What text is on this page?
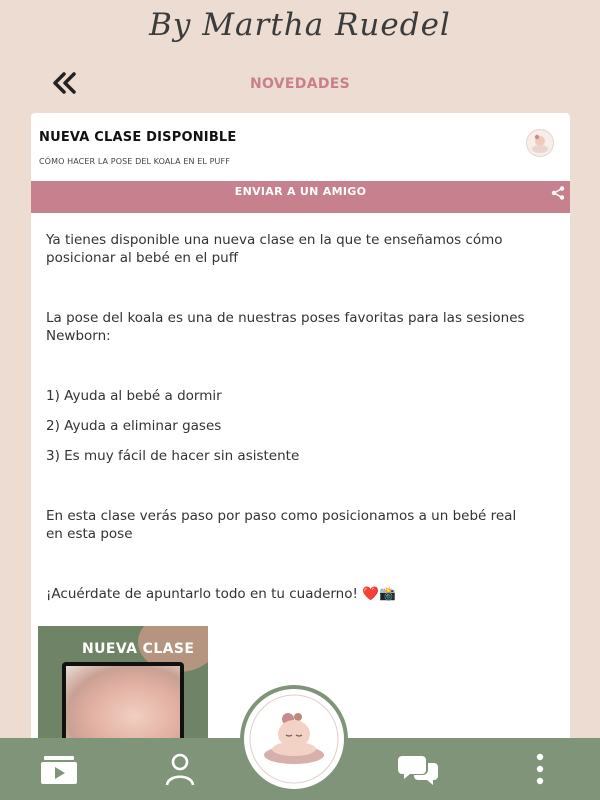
By Martha Ruedel
NOVEDADES
NUEVA CLASE DISPONIBLE
CÓMO HACER LA POSE DEL KOALA EN EL PUFF
ENVIAR A UN AMIGO

Ya tienes disponible una nueva clase en la que te enseñamos cómo posicionar al bebé en el puff

La pose del koala es una de nuestras poses favoritas para las sesiones Newborn:

1) Ayuda al bebé a dormir

2) Ayuda a eliminar gases

3) Es muy fácil de hacer sin asistente

En esta clase verás paso por paso como posicionamos a un bebé real en esta pose

¡Acuérdate de apuntarlo todo en tu cuaderno! ❤️📸

NUEVA CLASE
